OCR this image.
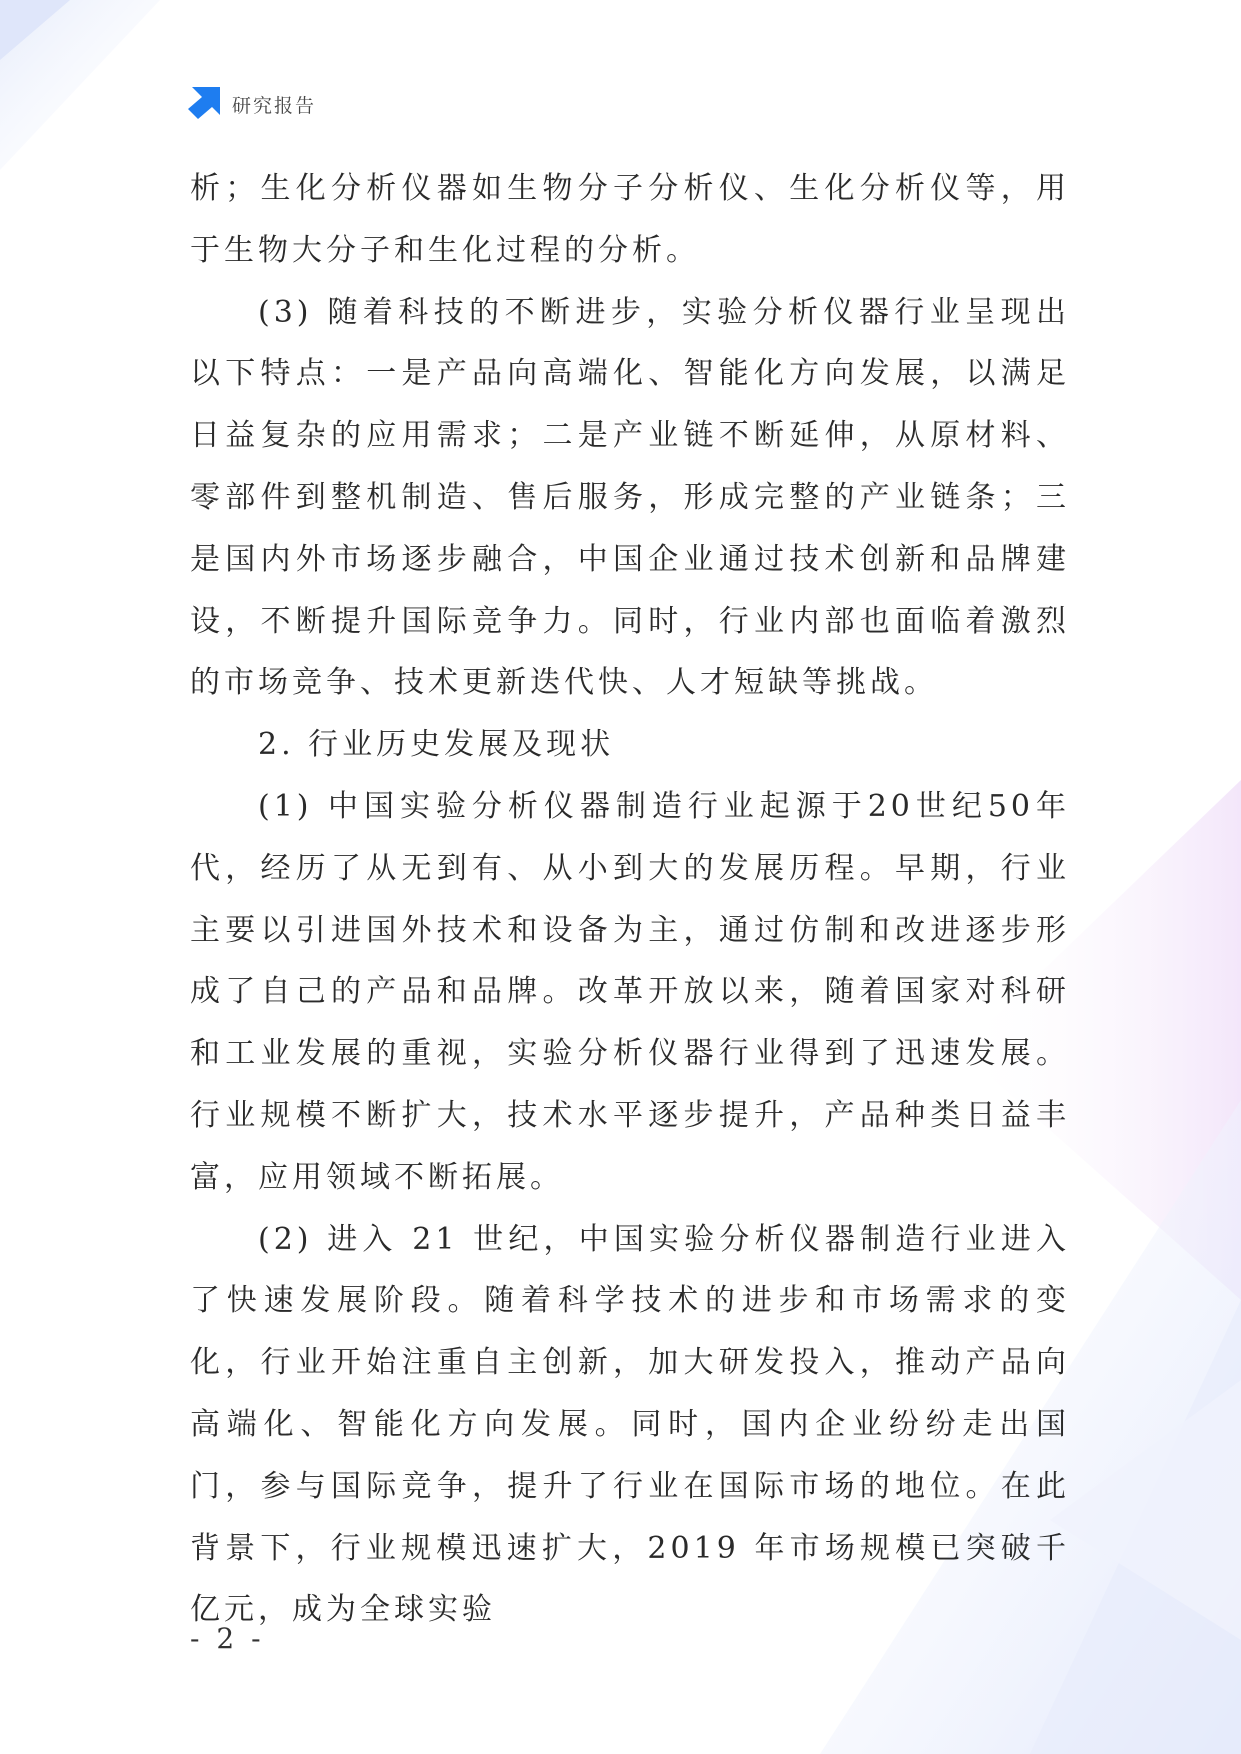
研究报告

析；生化分析仪器如生物分子分析仪、生化分析仪等，用于生物大分子和生化过程的分析。

(3) 随着科技的不断进步，实验分析仪器行业呈现出以下特点：一是产品向高端化、智能化方向发展，以满足日益复杂的应用需求；二是产业链不断延伸，从原材料、零部件到整机制造、售后服务，形成完整的产业链条；三是国内外市场逐步融合，中国企业通过技术创新和品牌建设，不断提升国际竞争力。同时，行业内部也面临着激烈的市场竞争、技术更新迭代快、人才短缺等挑战。

2. 行业历史发展及现状

(1) 中国实验分析仪器制造行业起源于20世纪50年代，经历了从无到有、从小到大的发展历程。早期，行业主要以引进国外技术和设备为主，通过仿制和改进逐步形成了自己的产品和品牌。改革开放以来，随着国家对科研和工业发展的重视，实验分析仪器行业得到了迅速发展。行业规模不断扩大，技术水平逐步提升，产品种类日益丰富，应用领域不断拓展。

(2) 进入 21 世纪，中国实验分析仪器制造行业进入了快速发展阶段。随着科学技术的进步和市场需求的变化，行业开始注重自主创新，加大研发投入，推动产品向高端化、智能化方向发展。同时，国内企业纷纷走出国门，参与国际竞争，提升了行业在国际市场的地位。在此背景下，行业规模迅速扩大，2019 年市场规模已突破千亿元，成为全球实验

- 2 -
